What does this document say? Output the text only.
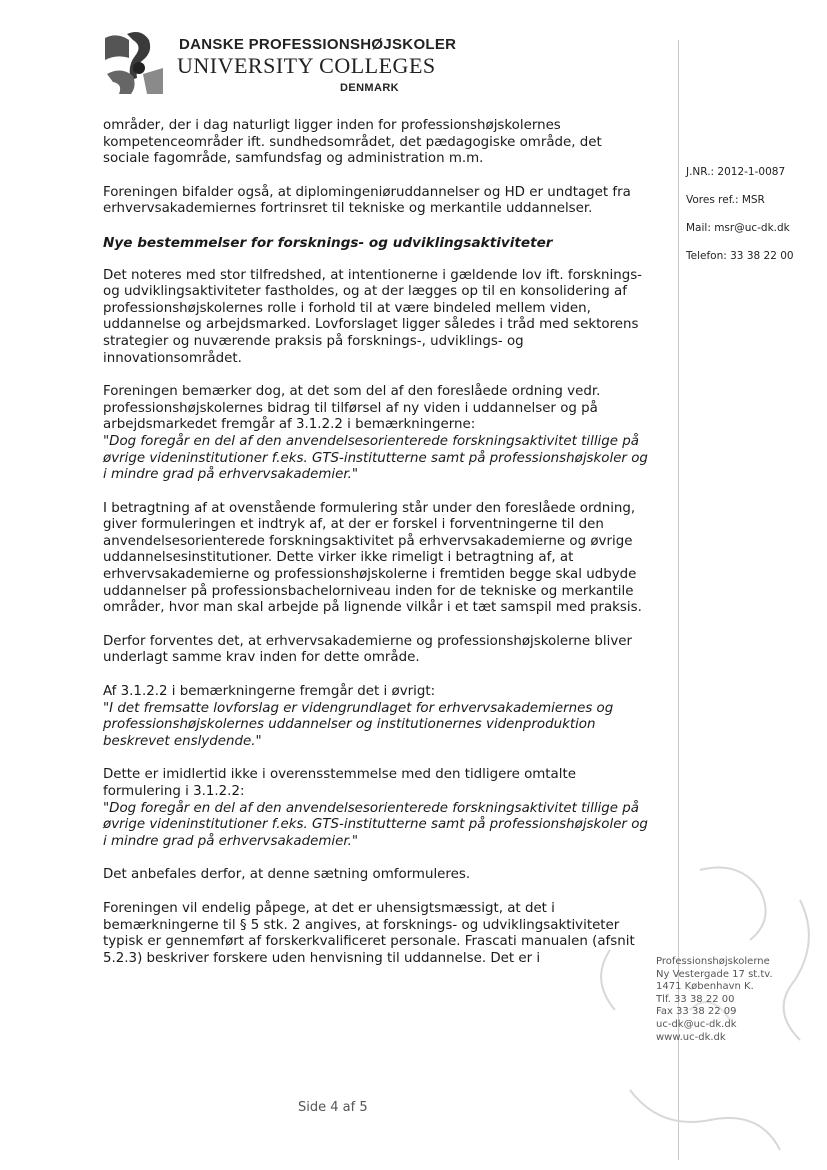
DANSKE PROFESSIONSHØJSKOLER
UNIVERSITY COLLEGES
DENMARK
J.NR.: 2012-1-0087
Vores ref.: MSR
Mail: msr@uc-dk.dk
Telefon: 33 38 22 00

områder, der i dag naturligt ligger inden for professionshøjskolernes kompetenceområder ift. sundhedsområdet, det pædagogiske område, det sociale fagområde, samfundsfag og administration m.m.

Foreningen bifalder også, at diplomingeniøruddannelser og HD er undtaget fra erhvervsakademiernes fortrinsret til tekniske og merkantile uddannelser.

Nye bestemmelser for forsknings- og udviklingsaktiviteter

Det noteres med stor tilfredshed, at intentionerne i gældende lov ift. forsknings- og udviklingsaktiviteter fastholdes, og at der lægges op til en konsolidering af professionshøjskolernes rolle i forhold til at være bindeled mellem viden, uddannelse og arbejdsmarked. Lovforslaget ligger således i tråd med sektorens strategier og nuværende praksis på forsknings-, udviklings- og innovationsområdet.

Foreningen bemærker dog, at det som del af den foreslåede ordning vedr. professionshøjskolernes bidrag til tilførsel af ny viden i uddannelser og på arbejdsmarkedet fremgår af 3.1.2.2 i bemærkningerne:
"Dog foregår en del af den anvendelsesorienterede forskningsaktivitet tillige på øvrige videninstitutioner f.eks. GTS-institutterne samt på professionshøjskoler og i mindre grad på erhvervsakademier."

I betragtning af at ovenstående formulering står under den foreslåede ordning, giver formuleringen et indtryk af, at der er forskel i forventningerne til den anvendelsesorienterede forskningsaktivitet på erhvervsakademierne og øvrige uddannelsesinstitutioner. Dette virker ikke rimeligt i betragtning af, at erhvervsakademierne og professionshøjskolerne i fremtiden begge skal udbyde uddannelser på professionsbachelorniveau inden for de tekniske og merkantile områder, hvor man skal arbejde på lignende vilkår i et tæt samspil med praksis.

Derfor forventes det, at erhvervsakademierne og professionshøjskolerne bliver underlagt samme krav inden for dette område.

Af 3.1.2.2 i bemærkningerne fremgår det i øvrigt:
"I det fremsatte lovforslag er videngrundlaget for erhvervsakademiernes og professionshøjskolernes uddannelser og institutionernes videnproduktion beskrevet enslydende."

Dette er imidlertid ikke i overensstemmelse med den tidligere omtalte formulering i 3.1.2.2:
"Dog foregår en del af den anvendelsesorienterede forskningsaktivitet tillige på øvrige videninstitutioner f.eks. GTS-institutterne samt på professionshøjskoler og i mindre grad på erhvervsakademier."

Det anbefales derfor, at denne sætning omformuleres.

Foreningen vil endelig påpege, at det er uhensigtsmæssigt, at det i bemærkningerne til § 5 stk. 2 angives, at forsknings- og udviklingsaktiviteter typisk er gennemført af forskerkvalificeret personale. Frascati manualen (afsnit 5.2.3) beskriver forskere uden henvisning til uddannelse. Det er i	Professionshøjskolerne
Ny Vestergade 17 st.tv.
1471 København K.
Tlf. 33 38 22 00
Fax 33 38 22 09
uc-dk@uc-dk.dk
www.uc-dk.dk
Side 4 af 5
